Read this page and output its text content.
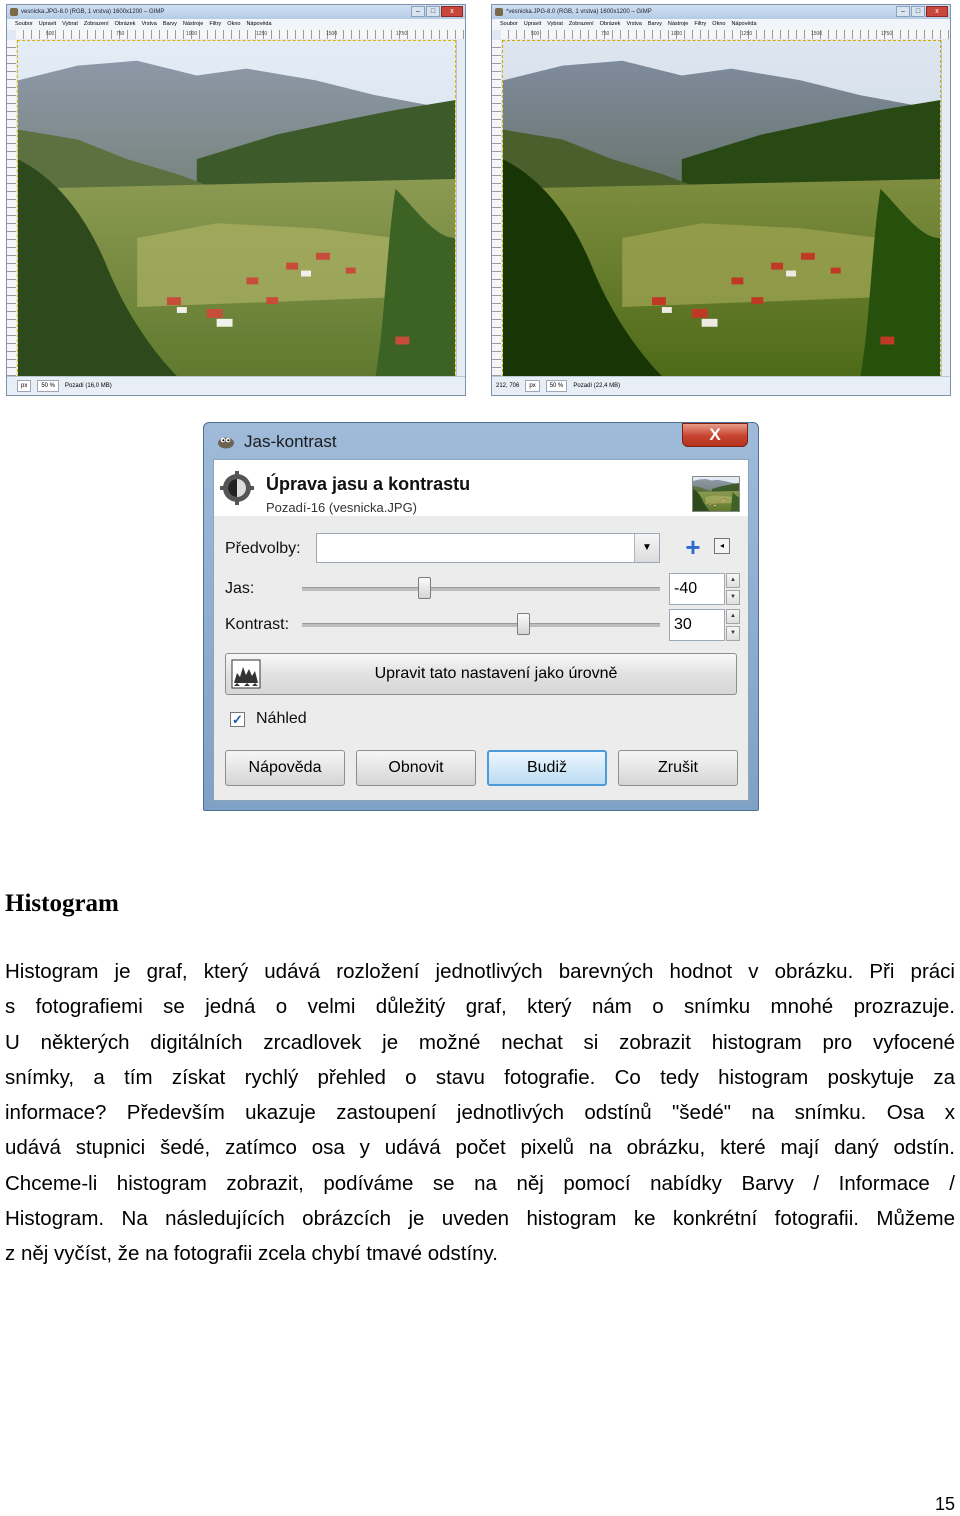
vesnicka.JPG-8.0 (RGB, 1 vrstva) 1600x1200 – GIMP	–	□	x
Soubor Upravit Vybrat Zobrazení Obrázek Vrstva Barvy Nástroje Filtry Okno Nápověda
500	750	1000	1250	1500	1750
px	50 %	Pozadí (16,0 MB)
*vesnicka.JPG-8.0 (RGB, 1 vrstva) 1600x1200 – GIMP	–	□	x
Soubor Upravit Vybrat Zobrazení Obrázek Vrstva Barvy Nástroje Filtry Okno Nápověda
500	750	1000	1250	1500	1750
212, 706	px	50 %	Pozadí (22,4 MB)
Jas-kontrast	X
Úprava jasu a kontrastu
Pozadí-16 (vesnicka.JPG)
Předvolby:	▼ +	◂
Jas:	-40	▲
▼
Kontrast:	30	▲
▼
Upravit tato nastavení jako úrovně
✓ Náhled
Nápověda	Obnovit	Budiž	Zrušit
Histogram
Histogram je graf, který udává rozložení jednotlivých barevných hodnot v obrázku. Při práci
s fotografiemi se jedná o velmi důležitý graf, který nám o snímku mnohé prozrazuje.
U některých digitálních zrcadlovek je možné nechat si zobrazit histogram pro vyfocené
snímky, a tím získat rychlý přehled o stavu fotografie. Co tedy histogram poskytuje za
informace? Především ukazuje zastoupení jednotlivých odstínů "šedé" na snímku. Osa x
udává stupnici šedé, zatímco osa y udává počet pixelů na obrázku, které mají daný odstín.
Chceme-li histogram zobrazit, podíváme se na něj pomocí nabídky Barvy / Informace /
Histogram. Na následujících obrázcích je uveden histogram ke konkrétní fotografii. Můžeme
z něj vyčíst, že na fotografii zcela chybí tmavé odstíny.
15
